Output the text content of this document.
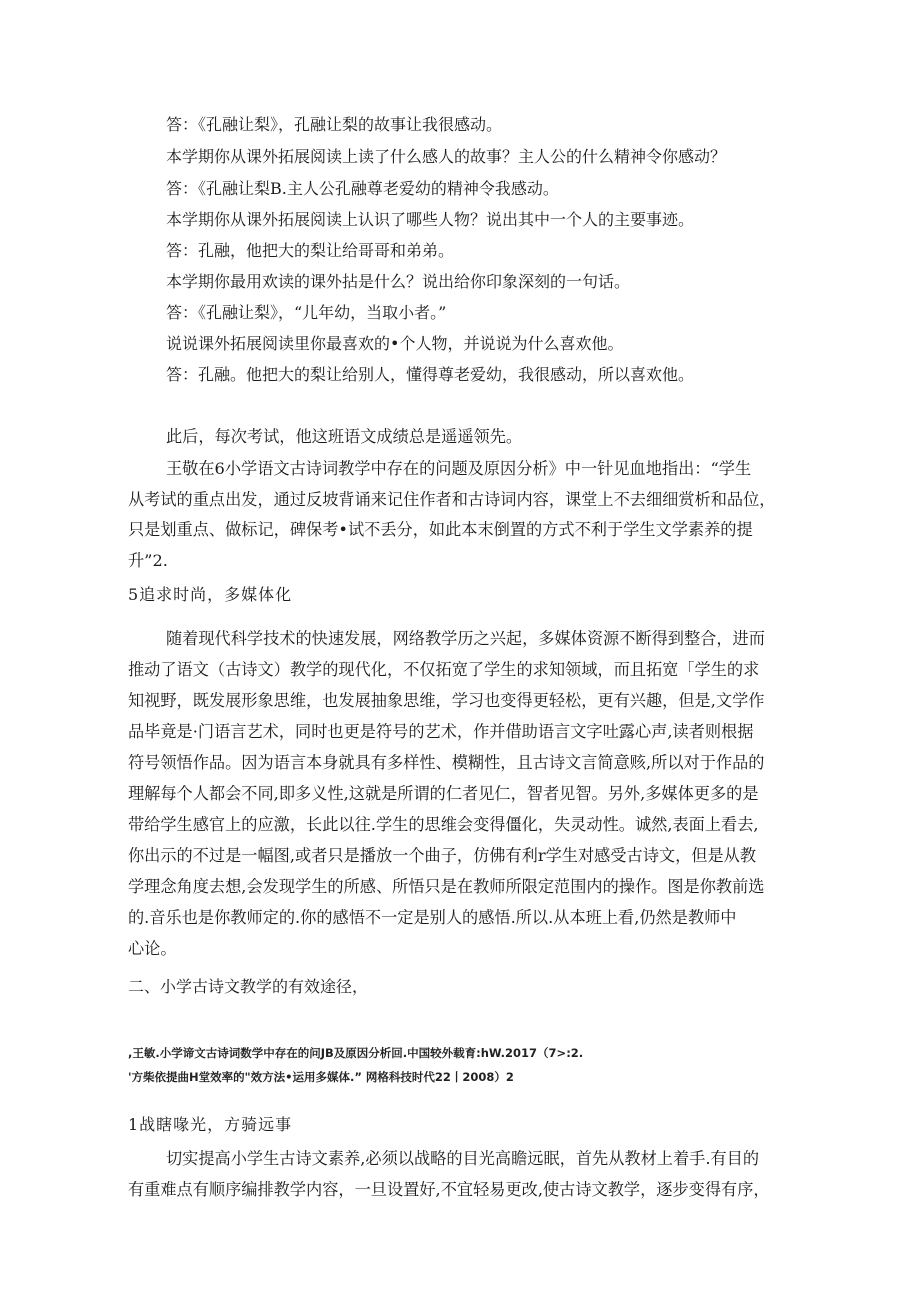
答：《孔融让梨》，孔融让梨的故事让我很感动。
本学期你从课外拓展阅读上读了什么感人的故事？主人公的什么精神令你感动？
答：《孔融让梨B.主人公孔融尊老爱幼的精神令我感动。
本学期你从课外拓展阅读上认识了哪些人物？说出其中一个人的主要事迹。
答：孔融，他把大的梨让给哥哥和弟弟。
本学期你最用欢读的课外拈是什么？说出给你印象深刻的一句话。
答：《孔融让梨》，“儿年幼，当取小者。”
说说课外拓展阅读里你最喜欢的•个人物，并说说为什么喜欢他。
答：孔融。他把大的梨让给别人，懂得尊老爱幼，我很感动，所以喜欢他。
此后，每次考试，他这班语文成绩总是遥遥领先。
王敬在6小学语文古诗词教学中存在的问题及原因分析》中一针见血地指出：“学生
从考试的重点出发，通过反坡背诵来记住作者和古诗词内容，课堂上不去细细赏析和品位，
只是划重点、做标记，碑保考•试不丢分，如此本末倒置的方式不利于学生文学素养的提
升”2.
5追求时尚，多媒体化
随着现代科学技术的快速发展，网络教学历之兴起，多媒体资源不断得到整合，进而
推动了语文（古诗文）教学的现代化，不仅拓宽了学生的求知领域，而且拓宽「学生的求
知视野，既发展形象思维，也发展抽象思维，学习也变得更轻松，更有兴趣，但是,文学作
品毕竟是·门语言艺术，同时也更是符号的艺术，作并借助语言文字吐露心声,读者则根据
符号领悟作品。因为语言本身就具有多样性、模糊性，且古诗文言简意赅,所以对于作品的
理解每个人都会不同,即多义性,这就是所谓的仁者见仁，智者见智。另外,多媒体更多的是
带给学生感官上的应激，长此以往.学生的思维会变得僵化，失灵动性。诚然,表面上看去,
你出示的不过是一幅图,或者只是播放一个曲子，仿佛有利r学生对感受古诗文，但是从教
学理念角度去想,会发现学生的所感、所悟只是在教师所限定范围内的操作。图是你教前选
的.音乐也是你教师定的.你的感悟不一定是别人的感悟.所以.从本班上看,仍然是教师中
心论。
二、小学古诗文教学的有效途径，
,王敏.小学谛文古诗词数学中存在的问JB及原因分析回.中国较外载育:hW.2017（7>:2.
'方柴依提曲H堂效率的"效方法•运用多媒体.” 网格科技时代22丨2008）2
1战瞎喙光，方骑远事
切实提高小学生古诗文素养,必须以战略的目光高瞻远眠，首先从教材上着手.有目的
有重难点有顺序编排教学内容，一旦设置好,不宜轻易更改,使古诗文教学，逐步变得有序，
